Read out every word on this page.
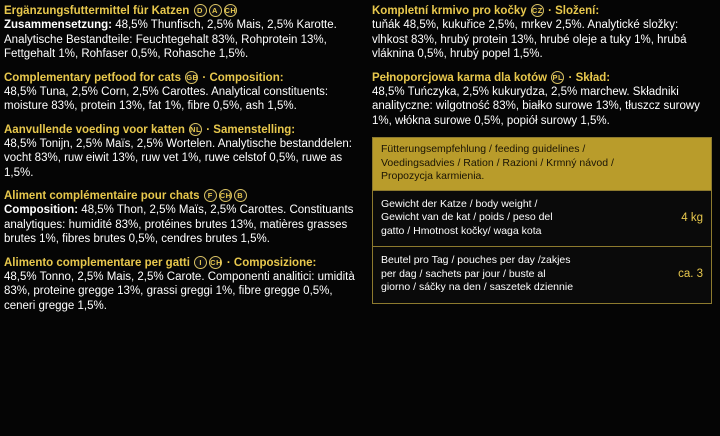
Ergänzungsfuttermittel für Katzen D A CH
Zusammensetzung: 48,5% Thunfisch, 2,5% Mais, 2,5% Karotte. Analytische Bestandteile: Feuchtegehalt 83%, Rohprotein 13%, Fettgehalt 1%, Rohfaser 0,5%, Rohasche 1,5%.
Complementary petfood for cats GB · Composition:
48,5% Tuna, 2,5% Corn, 2,5% Carottes. Analytical constituents: moisture 83%, protein 13%, fat 1%, fibre 0,5%, ash 1,5%.
Aanvullende voeding voor katten NL · Samenstelling:
48,5% Tonijn, 2,5% Maïs, 2,5% Wortelen. Analytische bestanddelen: vocht 83%, ruw eiwit 13%, ruw vet 1%, ruwe celstof 0,5%, ruwe as 1,5%.
Aliment complémentaire pour chats F CH B
Composition: 48,5% Thon, 2,5% Maïs, 2,5% Carottes. Constituants analytiques: humidité 83%, protéines brutes 13%, matières grasses brutes 1%, fibres brutes 0,5%, cendres brutes 1,5%.
Alimento complementare per gatti I CH · Composizione:
48,5% Tonno, 2,5% Mais, 2,5% Carote. Componenti analitici: umidità 83%, proteine gregge 13%, grassi greggi 1%, fibre gregge 0,5%, ceneri gregge 1,5%.
Kompletní krmivo pro kočky CZ · Složení:
tuňák 48,5%, kukuřice 2,5%, mrkev 2,5%. Analytické složky: vlhkost 83%, hrubý protein 13%, hrubé oleje a tuky 1%, hrubá vláknina 0,5%, hrubý popel 1,5%.
Pełnoporcjowa karma dla kotów PL · Skład:
48,5% Tuńczyka, 2,5% kukurydza, 2,5% marchew. Składniki analityczne: wilgotność 83%, białko surowe 13%, tłuszcz surowy 1%, włókna surowe 0,5%, popiół surowy 1,5%.
Fütterungsempfehlung / feeding guidelines /
Voedingsadvies / Ration / Razioni / Krmný návod /
Propozycja karmienia.
Gewicht der Katze / body weight /
Gewicht van de kat / poids / peso del
gatto / Hmotnost kočky/ waga kota
4 kg
Beutel pro Tag / pouches per day /zakjes
per dag / sachets par jour / buste al
giorno / sáčky na den / saszetek dziennie
ca. 3
